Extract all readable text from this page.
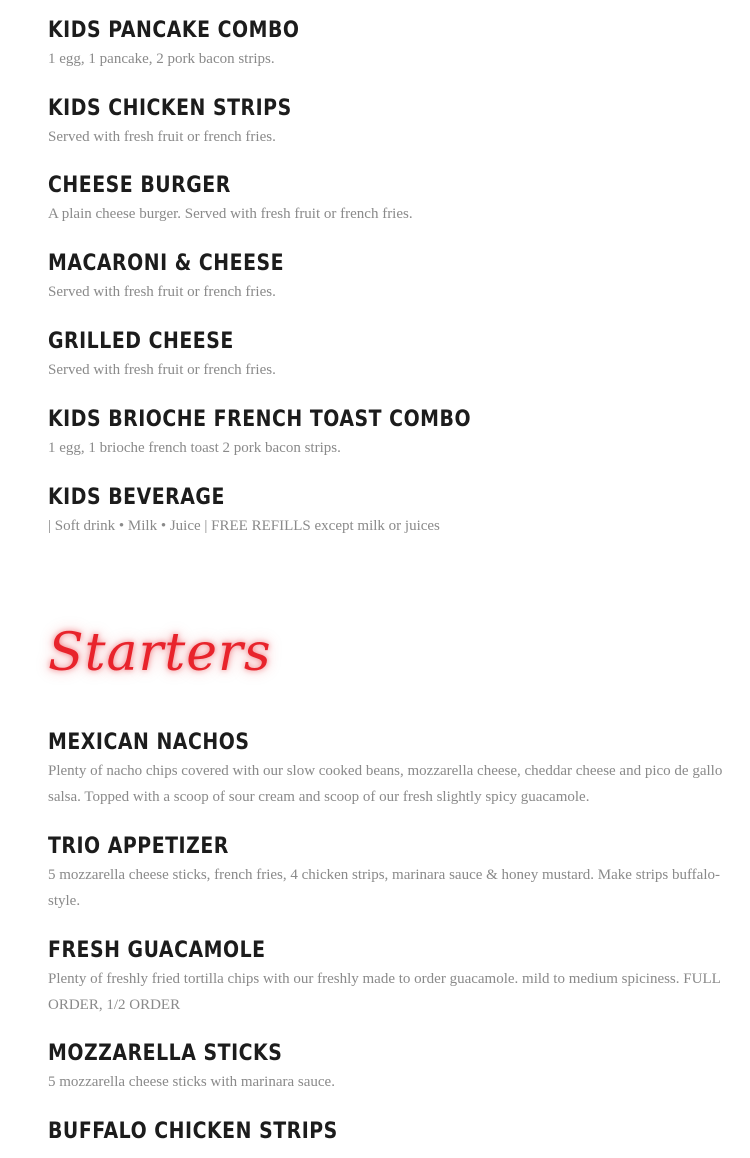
KIDS PANCAKE COMBO
1 egg, 1 pancake, 2 pork bacon strips.
KIDS CHICKEN STRIPS
Served with fresh fruit or french fries.
CHEESE BURGER
A plain cheese burger. Served with fresh fruit or french fries.
MACARONI & CHEESE
Served with fresh fruit or french fries.
GRILLED CHEESE
Served with fresh fruit or french fries.
KIDS BRIOCHE FRENCH TOAST COMBO
1 egg, 1 brioche french toast 2 pork bacon strips.
KIDS BEVERAGE
| Soft drink • Milk • Juice | FREE REFILLS except milk or juices
Starters
MEXICAN NACHOS
Plenty of nacho chips covered with our slow cooked beans, mozzarella cheese, cheddar cheese and pico de gallo salsa. Topped with a scoop of sour cream and scoop of our fresh slightly spicy guacamole.
TRIO APPETIZER
5 mozzarella cheese sticks, french fries, 4 chicken strips, marinara sauce & honey mustard. Make strips buffalo-style.
FRESH GUACAMOLE
Plenty of freshly fried tortilla chips with our freshly made to order guacamole. mild to medium spiciness. FULL ORDER, 1/2 ORDER
MOZZARELLA STICKS
5 mozzarella cheese sticks with marinara sauce.
BUFFALO CHICKEN STRIPS
